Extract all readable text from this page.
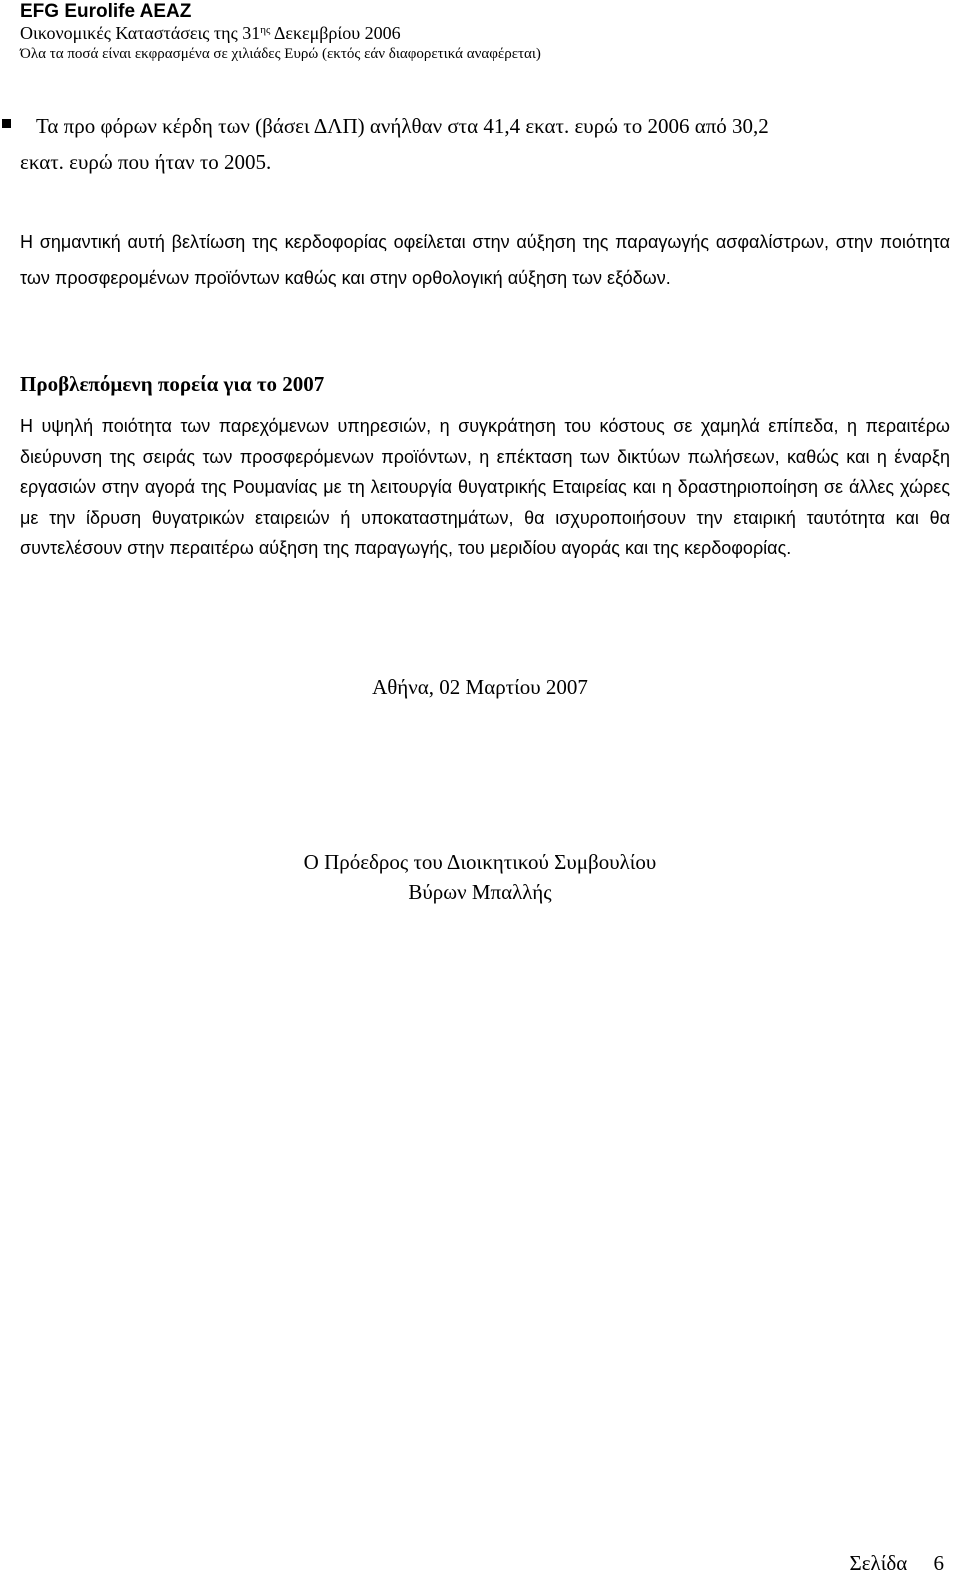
EFG Eurolife AEAZ
Οικονομικές Καταστάσεις της $31^{\eta\varsigma}$ Δεκεμβρίου 2006
Όλα τα ποσά είναι εκφρασμένα σε χιλιάδες Ευρώ (εκτός εάν διαφορετικά αναφέρεται)

Τα προ φόρων κέρδη των (βάσει ΔΛΠ) ανήλθαν στα 41,4 εκατ. ευρώ το 2006 από 30,2
εκατ. ευρώ που ήταν το 2005.

Η σημαντική αυτή βελτίωση της κερδοφορίας οφείλεται στην αύξηση της παραγωγής ασφαλίστρων, στην ποιότητα των προσφερομένων προϊόντων καθώς και στην ορθολογική αύξηση των εξόδων.
Προβλεπόμενη πορεία για το 2007
Η υψηλή ποιότητα των παρεχόμενων υπηρεσιών, η συγκράτηση του κόστους σε χαμηλά επίπεδα, η περαιτέρω διεύρυνση της σειράς των προσφερόμενων προϊόντων, η επέκταση των δικτύων πωλήσεων, καθώς και η έναρξη εργασιών στην αγορά της Ρουμανίας με τη λειτουργία θυγατρικής Εταιρείας και η δραστηριοποίηση σε άλλες χώρες με την ίδρυση θυγατρικών εταιρειών ή υποκαταστημάτων, θα ισχυροποιήσουν την εταιρική ταυτότητα και θα συντελέσουν στην περαιτέρω αύξηση της παραγωγής, του μεριδίου αγοράς και της κερδοφορίας.
Αθήνα, 02 Μαρτίου 2007
Ο Πρόεδρος του Διοικητικού Συμβουλίου
Βύρων Μπαλλής
Σελίδα 6
